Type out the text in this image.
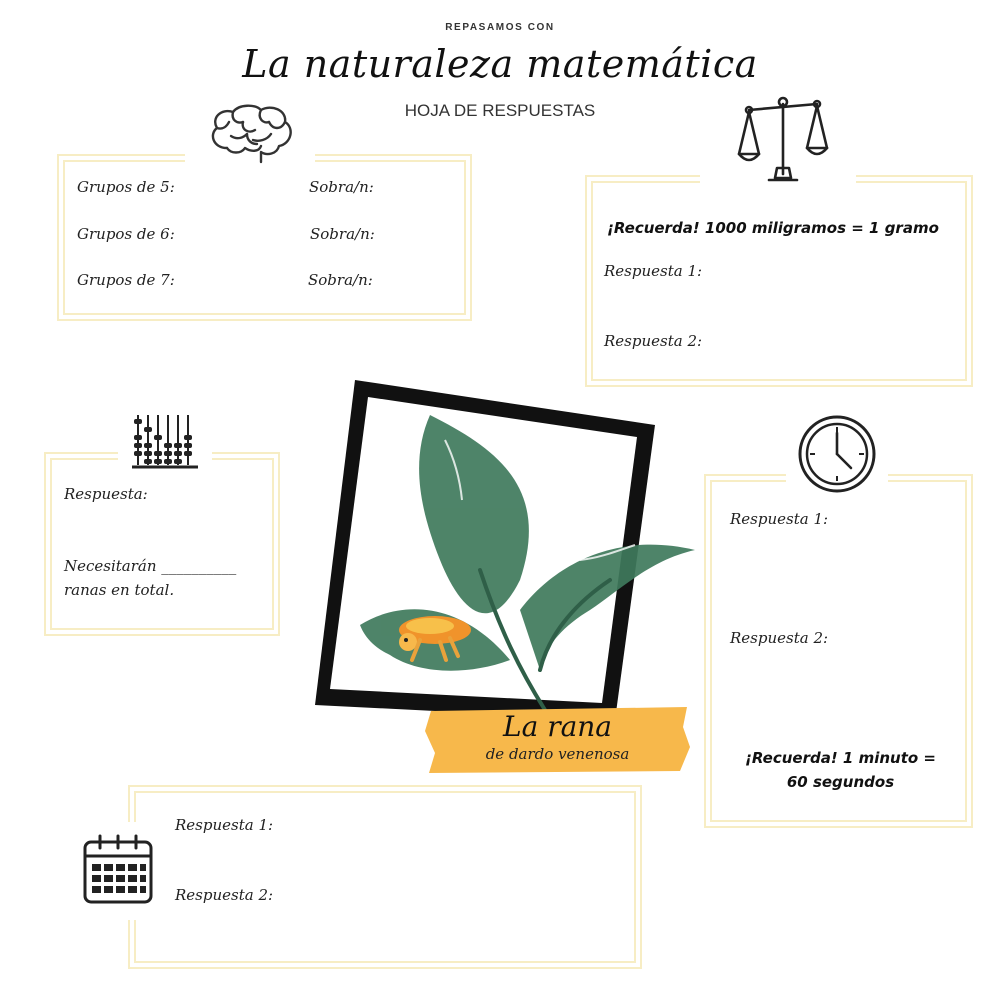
REPASAMOS CON
La naturaleza matemática
HOJA DE RESPUESTAS
Grupos de 5:	Sobra/n:
Grupos de 6:	Sobra/n:
Grupos de 7:	Sobra/n:
¡Recuerda! 1000 miligramos = 1 gramo
Respuesta 1:
Respuesta 2:
Respuesta:
Necesitarán __________
ranas en total.
Respuesta 1:
Respuesta 2:
¡Recuerda! 1 minuto =
60 segundos
Respuesta 1:
Respuesta 2:
La rana
de dardo venenosa
